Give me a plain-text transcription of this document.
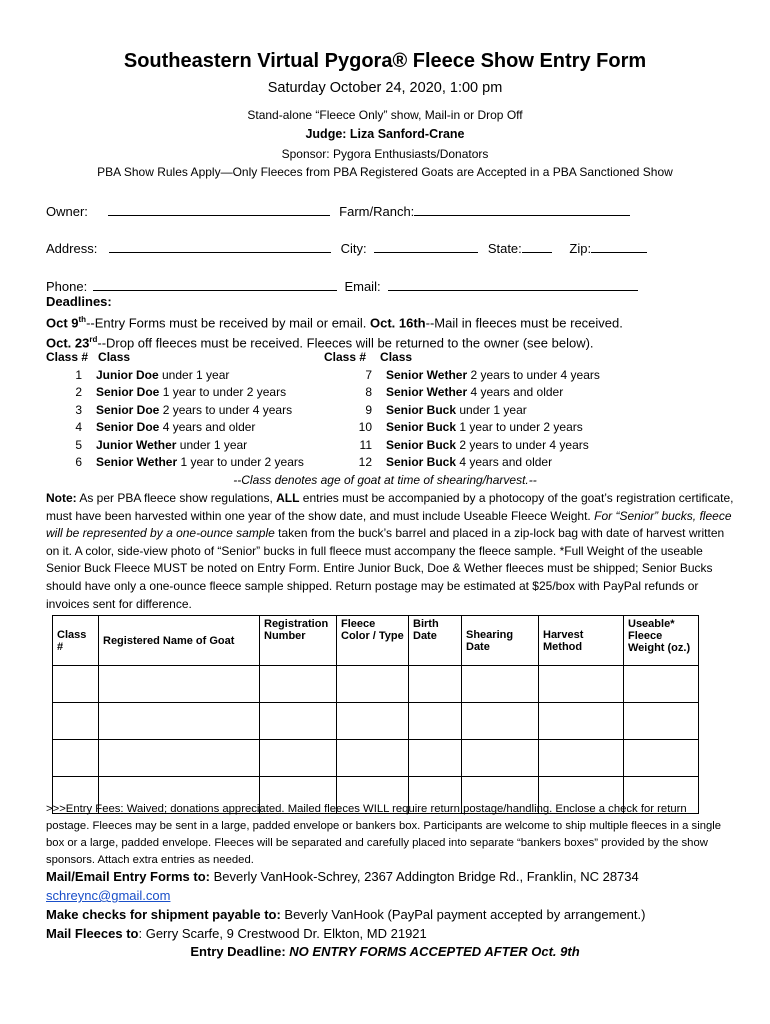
Southeastern Virtual Pygora® Fleece Show Entry Form
Saturday October 24, 2020, 1:00 pm
Stand-alone “Fleece Only” show, Mail-in or Drop Off
Judge: Liza Sanford-Crane
Sponsor: Pygora Enthusiasts/Donators
PBA Show Rules Apply—Only Fleeces from PBA Registered Goats are Accepted in a PBA Sanctioned Show
Owner:	Farm/Ranch:
Address:	City:	State:	Zip:
Phone:	Email:
Deadlines:
Oct 9th--Entry Forms must be received by mail or email. Oct. 16th--Mail in fleeces must be received.
Oct. 23rd--Drop off fleeces must be received. Fleeces will be returned to the owner (see below).
Class # Class
1 Junior Doe under 1 year
2 Senior Doe 1 year to under 2 years
3 Senior Doe 2 years to under 4 years
4 Senior Doe 4 years and older
5 Junior Wether under 1 year
6 Senior Wether 1 year to under 2 years
Class # Class
7 Senior Wether 2 years to under 4 years
8 Senior Wether 4 years and older
9 Senior Buck under 1 year
10 Senior Buck 1 year to under 2 years
11 Senior Buck 2 years to under 4 years
12 Senior Buck 4 years and older
--Class denotes age of goat at time of shearing/harvest.--
Note: As per PBA fleece show regulations, ALL entries must be accompanied by a photocopy of the goat’s registration certificate, must have been harvested within one year of the show date, and must include Useable Fleece Weight. For “Senior” bucks, fleece will be represented by a one-ounce sample taken from the buck’s barrel and placed in a zip-lock bag with date of harvest written on it. A color, side-view photo of “Senior” bucks in full fleece must accompany the fleece sample. *Full Weight of the useable Senior Buck Fleece MUST be noted on Entry Form. Entire Junior Buck, Doe & Wether fleeces must be shipped; Senior Bucks should have only a one-ounce fleece sample shipped. Return postage may be estimated at $25/box with PayPal refunds or invoices sent for difference.
Class #	Registered Name of Goat	Registration Number	Fleece Color / Type	Birth Date	Shearing Date	Harvest Method	Useable* Fleece Weight (oz.)

>>>Entry Fees: Waived; donations appreciated. Mailed fleeces WILL require return postage/handling. Enclose a check for return postage. Fleeces may be sent in a large, padded envelope or bankers box. Participants are welcome to ship multiple fleeces in a single box or a large, padded envelope. Fleeces will be separated and carefully placed into separate “bankers boxes” provided by the show sponsors. Attach extra entries as needed.
Mail/Email Entry Forms to: Beverly VanHook-Schrey, 2367 Addington Bridge Rd., Franklin, NC 28734
schreync@gmail.com
Make checks for shipment payable to: Beverly VanHook (PayPal payment accepted by arrangement.)
Mail Fleeces to: Gerry Scarfe, 9 Crestwood Dr. Elkton, MD 21921
Entry Deadline: NO ENTRY FORMS ACCEPTED AFTER Oct. 9th
